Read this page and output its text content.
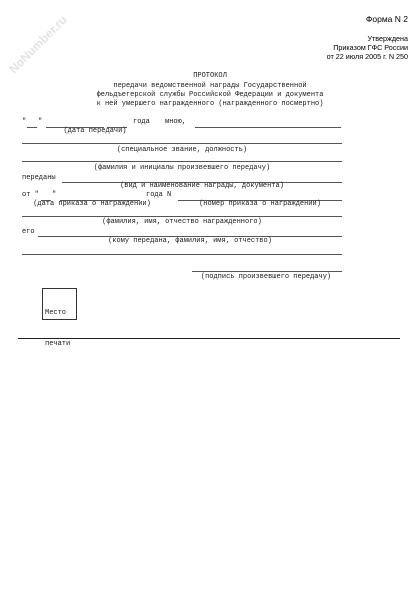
NoNumber.ru	Форма N 2
Утверждена
Приказом ГФС России
от 22 июля 2005 г. N 250
ПРОТОКОЛ
передачи ведомственной награды Государственной
фельдъегерской службы Российской Федерации и документа
к ней умершего награжденного (награжденного посмертно)
" "	года мною,
(дата передачи)
(специальное звание, должность)
(фамилия и инициалы произвевшего передачу)
переданы
(вид и наименование награды, документа)
от " "	года N
(дата приказа о награждении)	(номер приказа о награждении)
(фамилия, имя, отчество награжденного)
его
(кому передана, фамилия, имя, отчество)
(подпись произвевшего передачу)

Место

печати
